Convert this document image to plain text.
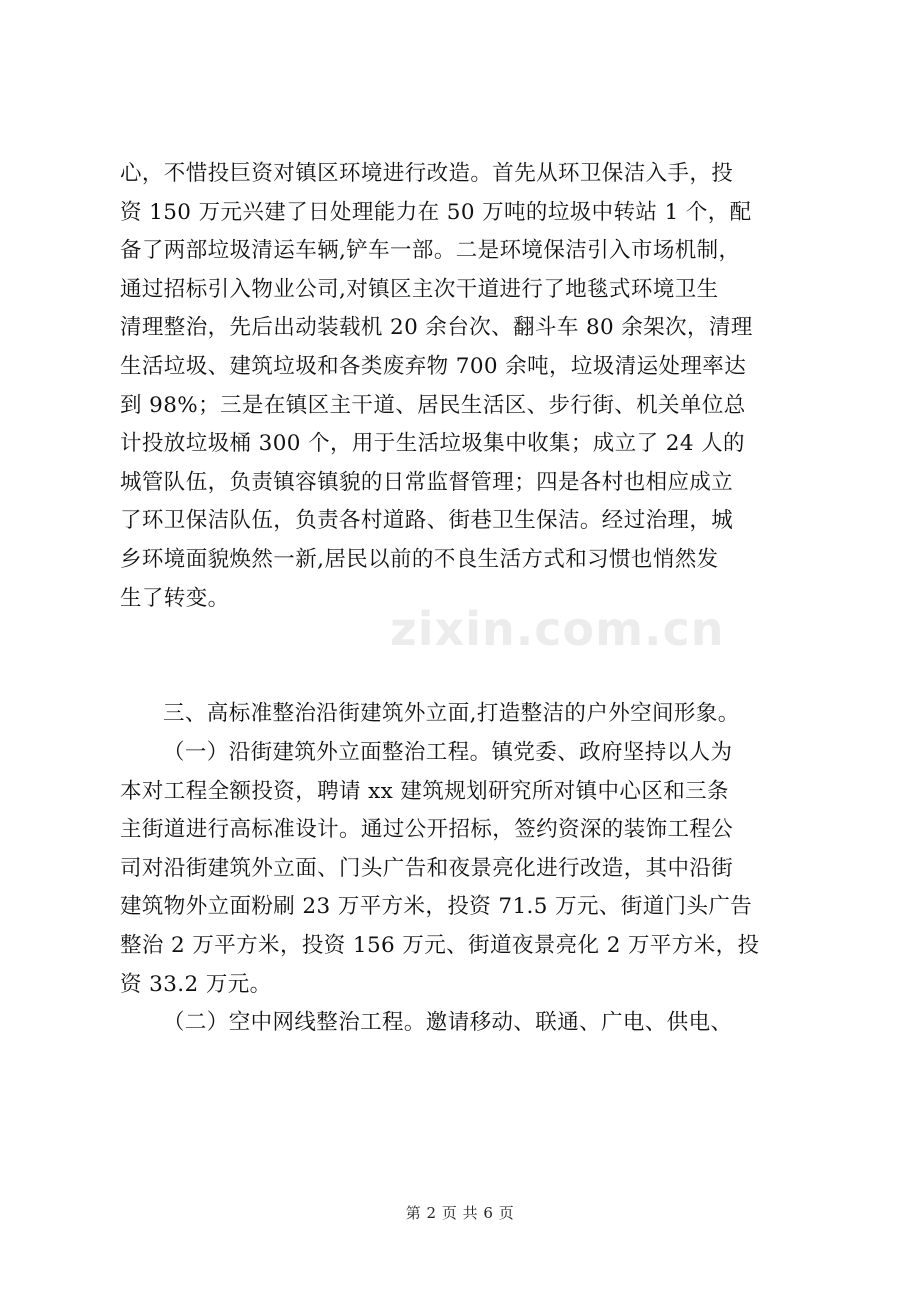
心，不惜投巨资对镇区环境进行改造。首先从环卫保洁入手，投
资 150 万元兴建了日处理能力在 50 万吨的垃圾中转站 1 个，配
备了两部垃圾清运车辆,铲车一部。二是环境保洁引入市场机制，
通过招标引入物业公司,对镇区主次干道进行了地毯式环境卫生
清理整治，先后出动装载机 20 余台次、翻斗车 80 余架次，清理
生活垃圾、建筑垃圾和各类废弃物 700 余吨，垃圾清运处理率达
到 98%；三是在镇区主干道、居民生活区、步行街、机关单位总
计投放垃圾桶 300 个，用于生活垃圾集中收集；成立了 24 人的
城管队伍，负责镇容镇貌的日常监督管理；四是各村也相应成立
了环卫保洁队伍，负责各村道路、街巷卫生保洁。经过治理，城
乡环境面貌焕然一新,居民以前的不良生活方式和习惯也悄然发
生了转变。
三、高标准整治沿街建筑外立面,打造整洁的户外空间形象。
（一）沿街建筑外立面整治工程。镇党委、政府坚持以人为
本对工程全额投资，聘请 xx 建筑规划研究所对镇中心区和三条
主街道进行高标准设计。通过公开招标，签约资深的装饰工程公
司对沿街建筑外立面、门头广告和夜景亮化进行改造，其中沿街
建筑物外立面粉刷 23 万平方米，投资 71.5 万元、街道门头广告
整治 2 万平方米，投资 156 万元、街道夜景亮化 2 万平方米，投
资 33.2 万元。
（二）空中网线整治工程。邀请移动、联通、广电、供电、
zixin.com.cn
第 2 页 共 6 页
